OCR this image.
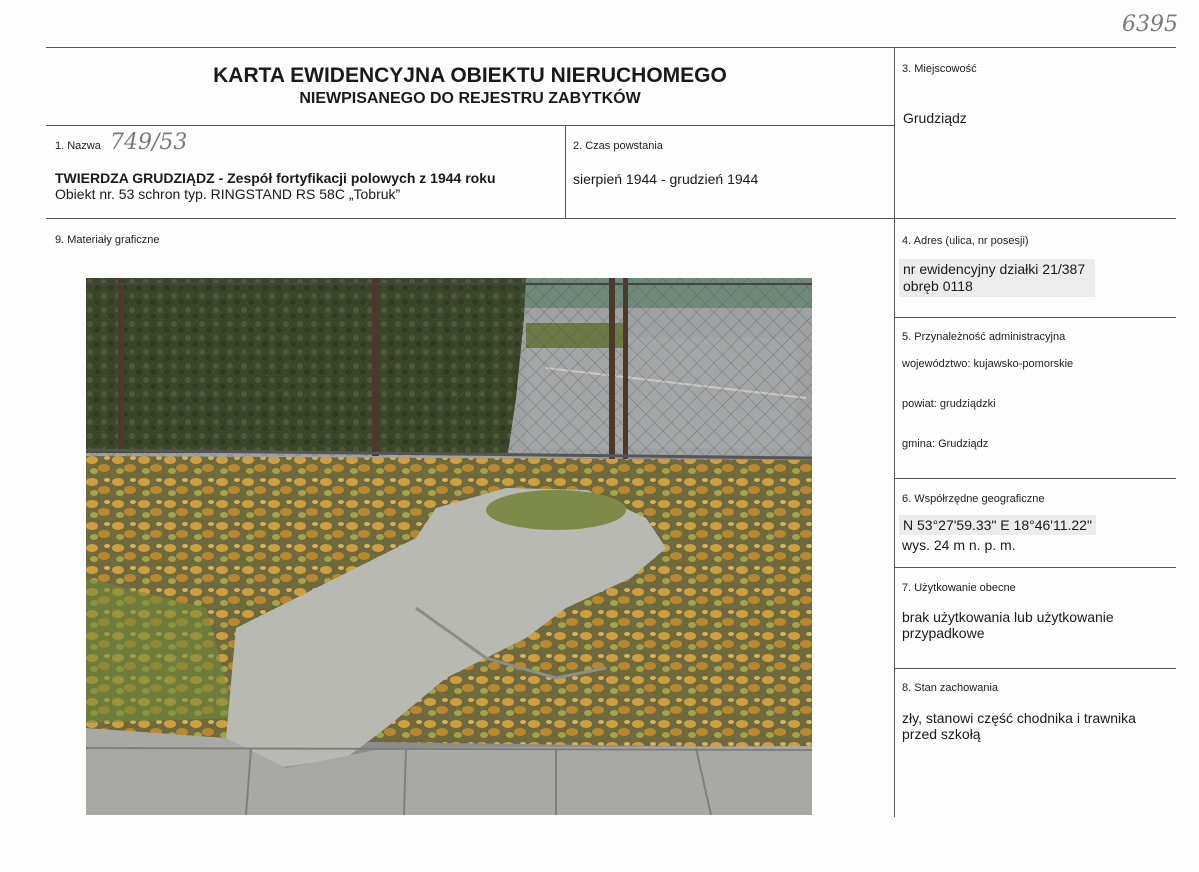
6395
KARTA EWIDENCYJNA OBIEKTU NIERUCHOMEGO
NIEWPISANEGO DO REJESTRU ZABYTKÓW
1. Nazwa 749/53
TWIERDZA GRUDZIĄDZ - Zespół fortyfikacji polowych z 1944 roku
Obiekt nr. 53 schron typ. RINGSTAND RS 58C „Tobruk”
2. Czas powstania
sierpień 1944 - grudzień 1944
3. Miejscowość
Grudziądz
4. Adres (ulica, nr posesji)
nr ewidencyjny działki 21/387
obręb 0118
5. Przynależność administracyjna
województwo: kujawsko-pomorskie
powiat: grudziądzki
gmina: Grudziądz
6. Współrzędne geograficzne
N 53°27'59.33" E 18°46'11.22"
wys. 24 m n. p. m.
7. Użytkowanie obecne
brak użytkowania lub użytkowanie
przypadkowe
8. Stan zachowania
zły, stanowi część chodnika i trawnika
przed szkołą
9. Materiały graficzne
